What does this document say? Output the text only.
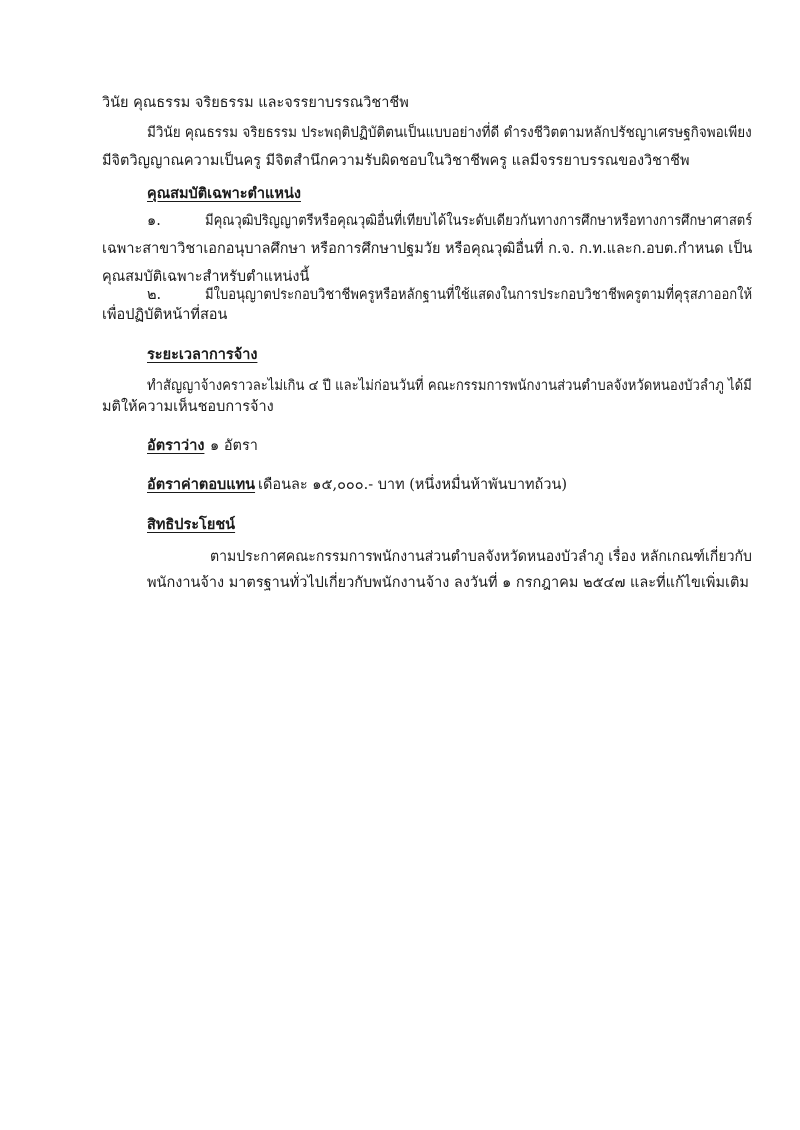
วินัย คุณธรรม จริยธรรม และจรรยาบรรณวิชาชีพ
มีวินัย คุณธรรม จริยธรรม ประพฤติปฏิบัติตนเป็นแบบอย่างที่ดี ดำรงชีวิตตามหลักปรัชญาเศรษฐกิจพอเพียง
มีจิตวิญญาณความเป็นครู มีจิตสำนึกความรับผิดชอบในวิชาชีพครู แลมีจรรยาบรรณของวิชาชีพ
คุณสมบัติเฉพาะตำแหน่ง
๑.	มีคุณวุฒิปริญญาตรีหรือคุณวุฒิอื่นที่เทียบได้ในระดับเดียวกันทางการศึกษาหรือทางการศึกษาศาสตร์
เฉพาะสาขาวิชาเอกอนุบาลศึกษา หรือการศึกษาปฐมวัย หรือคุณวุฒิอื่นที่ ก.จ. ก.ท.และก.อบต.กำหนด เป็น
คุณสมบัติเฉพาะสำหรับตำแหน่งนี้
๒.	มีใบอนุญาตประกอบวิชาชีพครูหรือหลักฐานที่ใช้แสดงในการประกอบวิชาชีพครูตามที่คุรุสภาออกให้
เพื่อปฏิบัติหน้าที่สอน
ระยะเวลาการจ้าง
ทำสัญญาจ้างคราวละไม่เกิน ๔ ปี และไม่ก่อนวันที่ คณะกรรมการพนักงานส่วนตำบลจังหวัดหนองบัวลำภู ได้มี
มติให้ความเห็นชอบการจ้าง
อัตราว่าง ๑ อัตรา
อัตราค่าตอบแทน เดือนละ ๑๕,๐๐๐.- บาท (หนึ่งหมื่นห้าพันบาทถ้วน)
สิทธิประโยชน์
ตามประกาศคณะกรรมการพนักงานส่วนตำบลจังหวัดหนองบัวลำภู เรื่อง หลักเกณฑ์เกี่ยวกับ
พนักงานจ้าง มาตรฐานทั่วไปเกี่ยวกับพนักงานจ้าง ลงวันที่ ๑ กรกฎาคม ๒๕๔๗ และที่แก้ไขเพิ่มเติม
